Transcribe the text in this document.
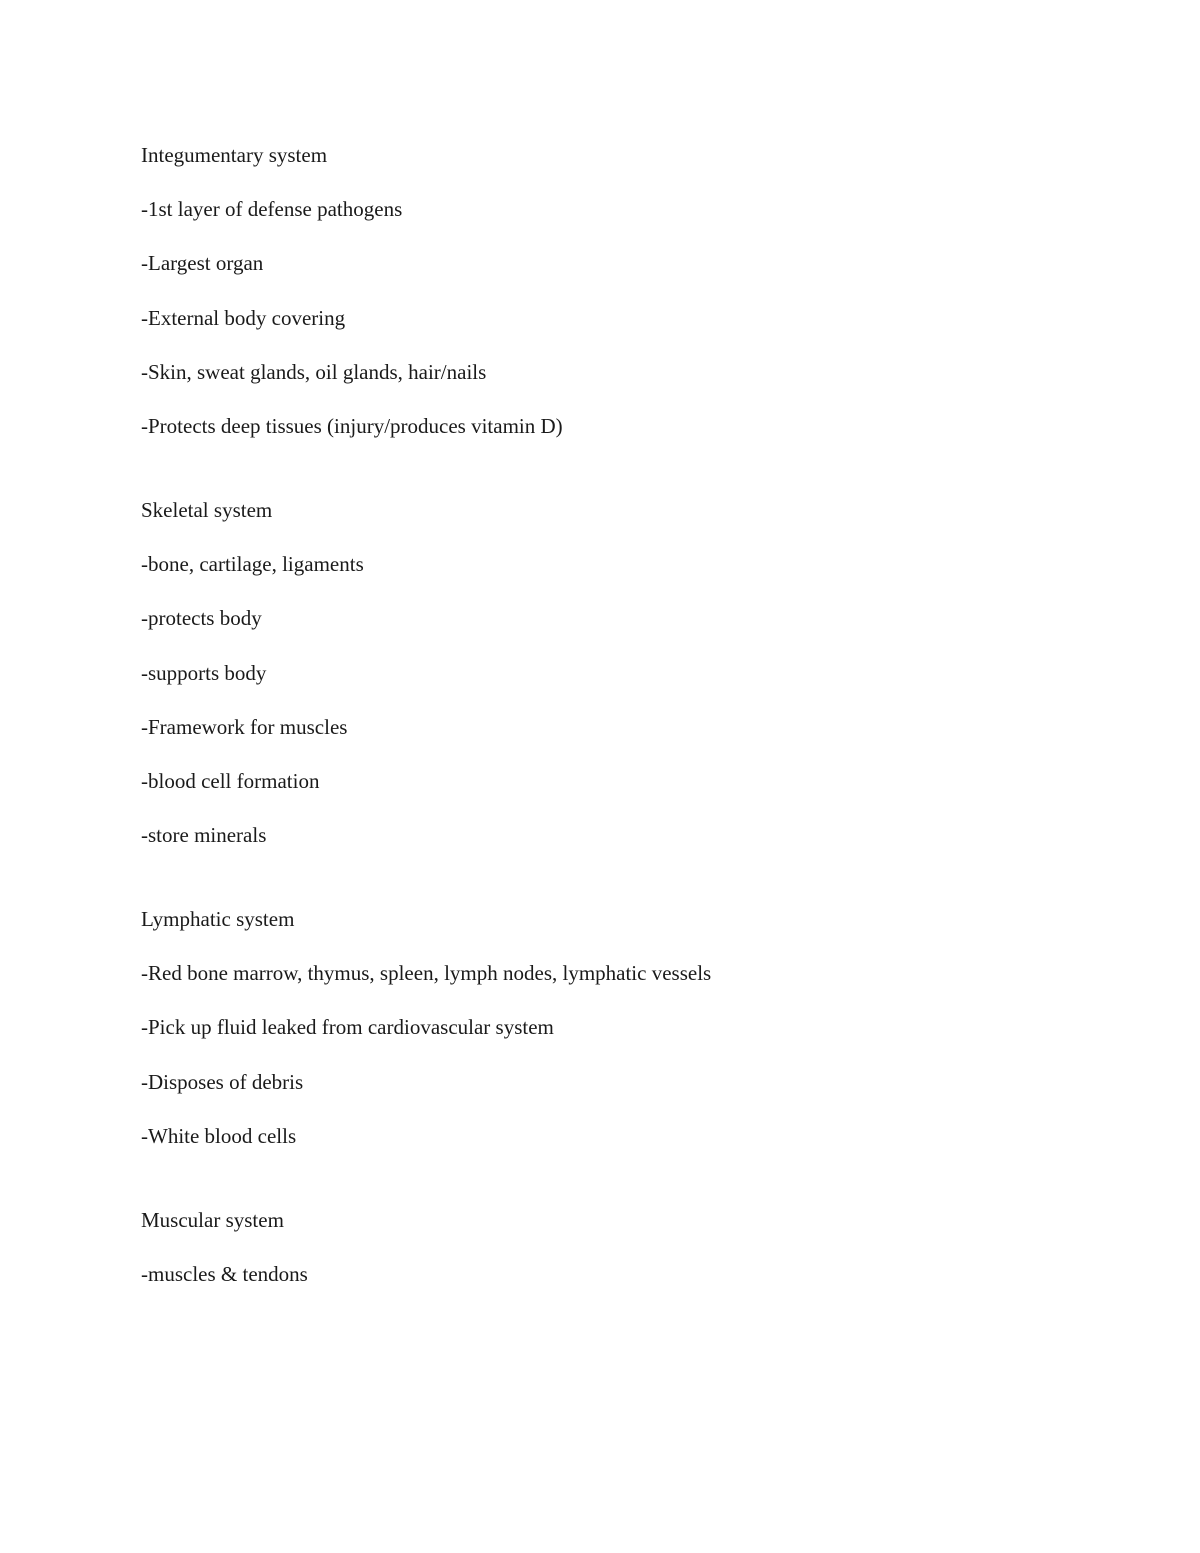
Integumentary system
-1st layer of defense pathogens
-Largest organ
-External body covering
-Skin, sweat glands, oil glands, hair/nails
-Protects deep tissues (injury/produces vitamin D)
Skeletal system
-bone, cartilage, ligaments
-protects body
-supports body
-Framework for muscles
-blood cell formation
-store minerals
Lymphatic system
-Red bone marrow, thymus, spleen, lymph nodes, lymphatic vessels
-Pick up fluid leaked from cardiovascular system
-Disposes of debris
-White blood cells
Muscular system
-muscles & tendons
